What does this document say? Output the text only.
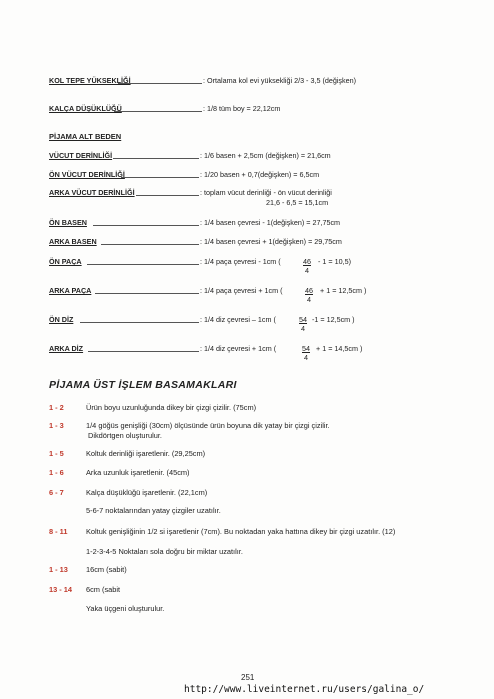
KOL TEPE YÜKSEKLİĞİ	: Ortalama kol evi yüksekliği 2/3 - 3,5 (değişken)
KALÇA DÜŞÜKLÜĞÜ	: 1/8 tüm boy = 22,12cm
PİJAMA ALT BEDEN
VÜCUT DERİNLİĞİ	: 1/6 basen + 2,5cm (değişken) = 21,6cm
ÖN VÜCUT DERİNLİĞİ	: 1/20 basen + 0,7(değişken) = 6,5cm
ARKA VÜCUT DERİNLİĞİ	: toplam vücut derinliği - ön vücut derinliği
21,6 - 6,5 = 15,1cm
ÖN BASEN	: 1/4 basen çevresi - 1(değişken) = 27,75cm
ARKA BASEN	: 1/4 basen çevresi + 1(değişken) = 29,75cm
ÖN PAÇA	: 1/4 paça çevresi - 1cm (	$\frac{46}{4} - 1 = 10,5$)
ARKA PAÇA	: 1/4 paça çevresi + 1cm (	$\frac{46}{4} + 1 = 12,5cm$ )
ÖN DİZ	: 1/4 diz çevresi – 1cm (	$\frac{54}{4} -1 = 12,5cm$ )
ARKA DİZ	: 1/4 diz çevresi + 1cm (	$\frac{54}{4} + 1 = 14,5cm$ )
PİJAMA ÜST İŞLEM BASAMAKLARI
1 - 2	Ürün boyu uzunluğunda dikey bir çizgi çizilir. (75cm)
1 - 3	1/4 göğüs genişliği (30cm) ölçüsünde ürün boyuna dik yatay bir çizgi çizilir.
Dikdörtgen oluşturulur.
1 - 5	Koltuk derinliği işaretlenir. (29,25cm)
1 - 6	Arka uzunluk işaretlenir. (45cm)
6 - 7	Kalça düşüklüğü işaretlenir. (22,1cm)
5-6-7 noktalarından yatay çizgiler uzatılır.
8 - 11	Koltuk genişliğinin 1/2 si işaretlenir (7cm). Bu noktadan yaka hattına dikey bir çizgi uzatılır. (12)
1-2-3-4-5 Noktaları sola doğru bir miktar uzatılır.
1 - 13 16cm (sabit)
13 - 14 6cm (sabit
Yaka üçgeni oluşturulur.
251
http://www.liveinternet.ru/users/galina_o/
